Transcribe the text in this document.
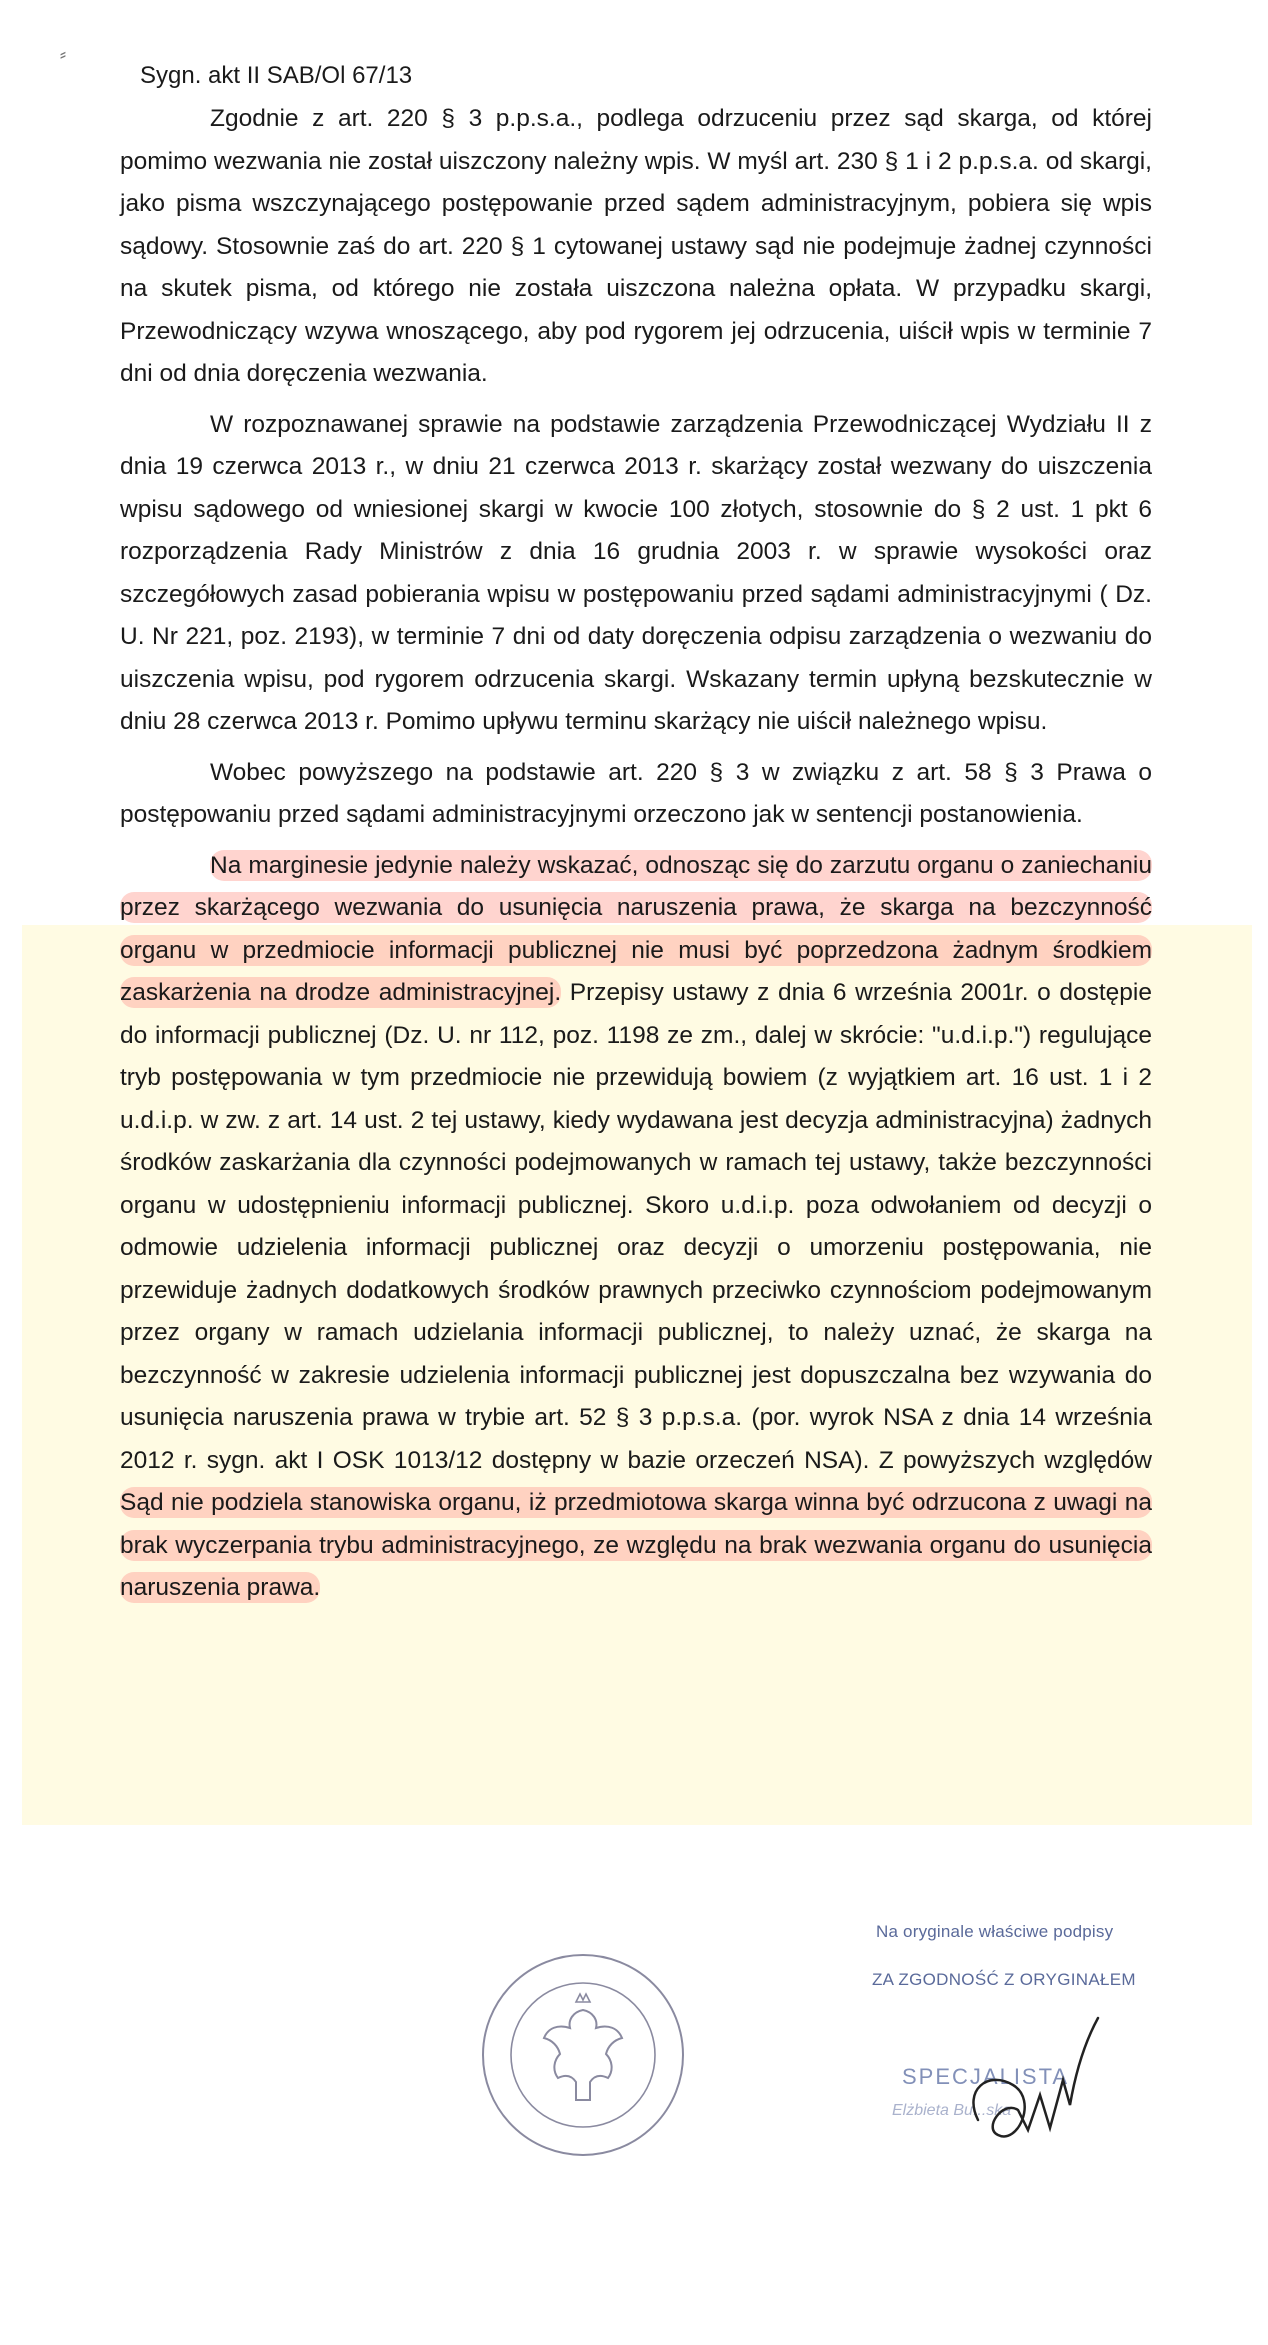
⸗
Sygn. akt II SAB/Ol 67/13

Zgodnie z art. 220 § 3 p.p.s.a., podlega odrzuceniu przez sąd skarga, od której pomimo wezwania nie został uiszczony należny wpis. W myśl art. 230 § 1 i 2 p.p.s.a. od skargi, jako pisma wszczynającego postępowanie przed sądem administracyjnym, pobiera się wpis sądowy. Stosownie zaś do art. 220 § 1 cytowanej ustawy sąd nie podejmuje żadnej czynności na skutek pisma, od którego nie została uiszczona należna opłata. W przypadku skargi, Przewodniczący wzywa wnoszącego, aby pod rygorem jej odrzucenia, uiścił wpis w terminie 7 dni od dnia doręczenia wezwania.

W rozpoznawanej sprawie na podstawie zarządzenia Przewodniczącej Wydziału II z dnia 19 czerwca 2013 r., w dniu 21 czerwca 2013 r. skarżący został wezwany do uiszczenia wpisu sądowego od wniesionej skargi w kwocie 100 złotych, stosownie do § 2 ust. 1 pkt 6 rozporządzenia Rady Ministrów z dnia 16 grudnia 2003 r. w sprawie wysokości oraz szczegółowych zasad pobierania wpisu w postępowaniu przed sądami administracyjnymi ( Dz. U. Nr 221, poz. 2193), w terminie 7 dni od daty doręczenia odpisu zarządzenia o wezwaniu do uiszczenia wpisu, pod rygorem odrzucenia skargi. Wskazany termin upłyną bezskutecznie w dniu 28 czerwca 2013 r. Pomimo upływu terminu skarżący nie uiścił należnego wpisu.

Wobec powyższego na podstawie art. 220 § 3 w związku z art. 58 § 3 Prawa o postępowaniu przed sądami administracyjnymi orzeczono jak w sentencji postanowienia.

Na marginesie jedynie należy wskazać, odnosząc się do zarzutu organu o zaniechaniu przez skarżącego wezwania do usunięcia naruszenia prawa, że skarga na bezczynność organu w przedmiocie informacji publicznej nie musi być poprzedzona żadnym środkiem zaskarżenia na drodze administracyjnej. Przepisy ustawy z dnia 6 września 2001r. o dostępie do informacji publicznej (Dz. U. nr 112, poz. 1198 ze zm., dalej w skrócie: "u.d.i.p.") regulujące tryb postępowania w tym przedmiocie nie przewidują bowiem (z wyjątkiem art. 16 ust. 1 i 2 u.d.i.p. w zw. z art. 14 ust. 2 tej ustawy, kiedy wydawana jest decyzja administracyjna) żadnych środków zaskarżania dla czynności podejmowanych w ramach tej ustawy, także bezczynności organu w udostępnieniu informacji publicznej. Skoro u.d.i.p. poza odwołaniem od decyzji o odmowie udzielenia informacji publicznej oraz decyzji o umorzeniu postępowania, nie przewiduje żadnych dodatkowych środków prawnych przeciwko czynnościom podejmowanym przez organy w ramach udzielania informacji publicznej, to należy uznać, że skarga na bezczynność w zakresie udzielenia informacji publicznej jest dopuszczalna bez wzywania do usunięcia naruszenia prawa w trybie art. 52 § 3 p.p.s.a. (por. wyrok NSA z dnia 14 września 2012 r. sygn. akt I OSK 1013/12 dostępny w bazie orzeczeń NSA). Z powyższych względów Sąd nie podziela stanowiska organu, iż przedmiotowa skarga winna być odrzucona z uwagi na brak wyczerpania trybu administracyjnego, ze względu na brak wezwania organu do usunięcia naruszenia prawa.

Na oryginale właściwe podpisy
ZA ZGODNOŚĆ Z ORYGINAŁEM
SPECJALISTA
Elżbieta Bu...ska
